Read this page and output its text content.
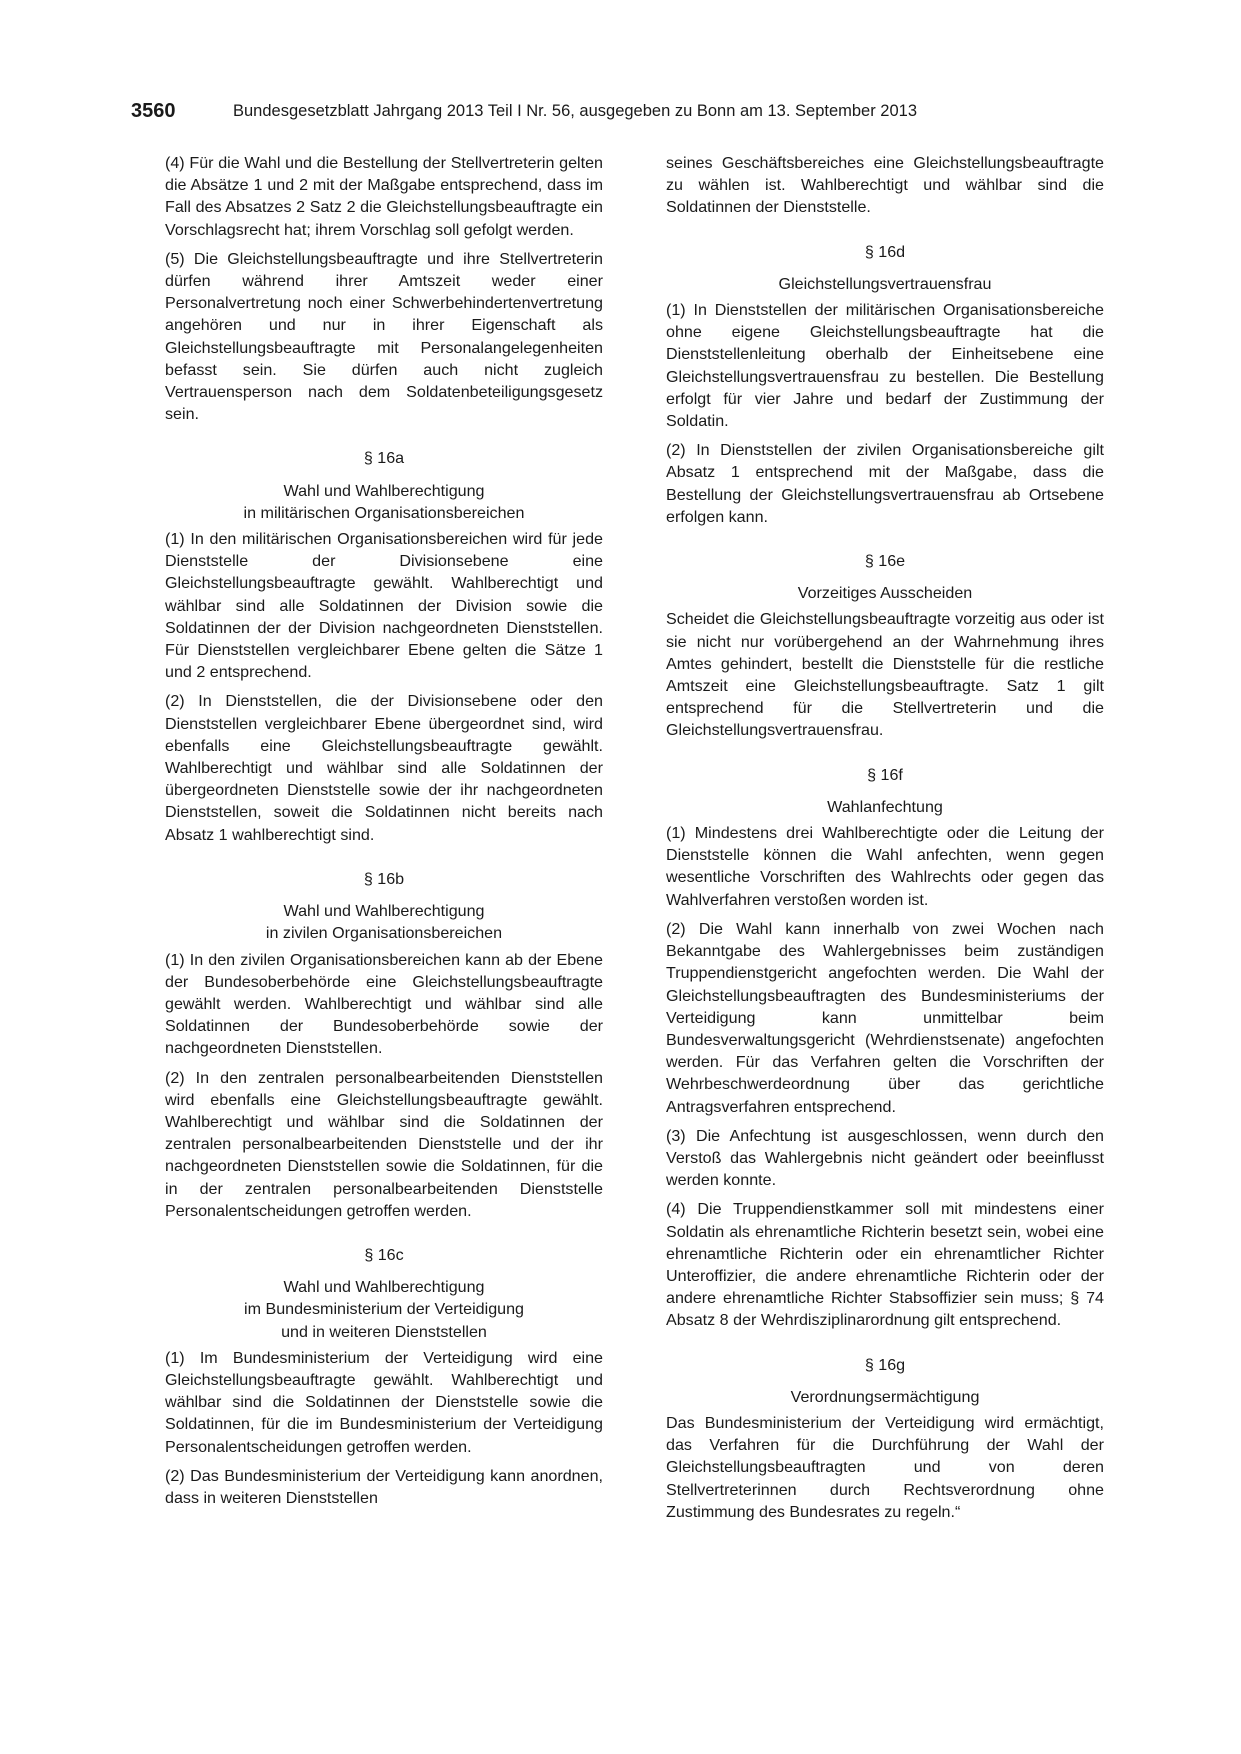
3560	Bundesgesetzblatt Jahrgang 2013 Teil I Nr. 56, ausgegeben zu Bonn am 13. September 2013

(4) Für die Wahl und die Bestellung der Stellvertreterin gelten die Absätze 1 und 2 mit der Maßgabe entsprechend, dass im Fall des Absatzes 2 Satz 2 die Gleichstellungsbeauftragte ein Vorschlagsrecht hat; ihrem Vorschlag soll gefolgt werden.

(5) Die Gleichstellungsbeauftragte und ihre Stellvertreterin dürfen während ihrer Amtszeit weder einer Personalvertretung noch einer Schwerbehindertenvertretung angehören und nur in ihrer Eigenschaft als Gleichstellungsbeauftragte mit Personalangelegenheiten befasst sein. Sie dürfen auch nicht zugleich Vertrauensperson nach dem Soldatenbeteiligungsgesetz sein.

§ 16a
Wahl und Wahlberechtigung
in militärischen Organisationsbereichen

(1) In den militärischen Organisationsbereichen wird für jede Dienststelle der Divisionsebene eine Gleichstellungsbeauftragte gewählt. Wahlberechtigt und wählbar sind alle Soldatinnen der Division sowie die Soldatinnen der der Division nachgeordneten Dienststellen. Für Dienststellen vergleichbarer Ebene gelten die Sätze 1 und 2 entsprechend.

(2) In Dienststellen, die der Divisionsebene oder den Dienststellen vergleichbarer Ebene übergeordnet sind, wird ebenfalls eine Gleichstellungsbeauftragte gewählt. Wahlberechtigt und wählbar sind alle Soldatinnen der übergeordneten Dienststelle sowie der ihr nachgeordneten Dienststellen, soweit die Soldatinnen nicht bereits nach Absatz 1 wahlberechtigt sind.

§ 16b
Wahl und Wahlberechtigung
in zivilen Organisationsbereichen

(1) In den zivilen Organisationsbereichen kann ab der Ebene der Bundesoberbehörde eine Gleichstellungsbeauftragte gewählt werden. Wahlberechtigt und wählbar sind alle Soldatinnen der Bundesoberbehörde sowie der nachgeordneten Dienststellen.

(2) In den zentralen personalbearbeitenden Dienststellen wird ebenfalls eine Gleichstellungsbeauftragte gewählt. Wahlberechtigt und wählbar sind die Soldatinnen der zentralen personalbearbeitenden Dienststelle und der ihr nachgeordneten Dienststellen sowie die Soldatinnen, für die in der zentralen personalbearbeitenden Dienststelle Personalentscheidungen getroffen werden.

§ 16c
Wahl und Wahlberechtigung
im Bundesministerium der Verteidigung
und in weiteren Dienststellen

(1) Im Bundesministerium der Verteidigung wird eine Gleichstellungsbeauftragte gewählt. Wahlberechtigt und wählbar sind die Soldatinnen der Dienststelle sowie die Soldatinnen, für die im Bundesministerium der Verteidigung Personalentscheidungen getroffen werden.

(2) Das Bundesministerium der Verteidigung kann anordnen, dass in weiteren Dienststellen

seines Geschäftsbereiches eine Gleichstellungsbeauftragte zu wählen ist. Wahlberechtigt und wählbar sind die Soldatinnen der Dienststelle.

§ 16d
Gleichstellungsvertrauensfrau

(1) In Dienststellen der militärischen Organisationsbereiche ohne eigene Gleichstellungsbeauftragte hat die Dienststellenleitung oberhalb der Einheitsebene eine Gleichstellungsvertrauensfrau zu bestellen. Die Bestellung erfolgt für vier Jahre und bedarf der Zustimmung der Soldatin.

(2) In Dienststellen der zivilen Organisationsbereiche gilt Absatz 1 entsprechend mit der Maßgabe, dass die Bestellung der Gleichstellungsvertrauensfrau ab Ortsebene erfolgen kann.

§ 16e
Vorzeitiges Ausscheiden

Scheidet die Gleichstellungsbeauftragte vorzeitig aus oder ist sie nicht nur vorübergehend an der Wahrnehmung ihres Amtes gehindert, bestellt die Dienststelle für die restliche Amtszeit eine Gleichstellungsbeauftragte. Satz 1 gilt entsprechend für die Stellvertreterin und die Gleichstellungsvertrauensfrau.

§ 16f
Wahlanfechtung

(1) Mindestens drei Wahlberechtigte oder die Leitung der Dienststelle können die Wahl anfechten, wenn gegen wesentliche Vorschriften des Wahlrechts oder gegen das Wahlverfahren verstoßen worden ist.

(2) Die Wahl kann innerhalb von zwei Wochen nach Bekanntgabe des Wahlergebnisses beim zuständigen Truppendienstgericht angefochten werden. Die Wahl der Gleichstellungsbeauftragten des Bundesministeriums der Verteidigung kann unmittelbar beim Bundesverwaltungsgericht (Wehrdienstsenate) angefochten werden. Für das Verfahren gelten die Vorschriften der Wehrbeschwerdeordnung über das gerichtliche Antragsverfahren entsprechend.

(3) Die Anfechtung ist ausgeschlossen, wenn durch den Verstoß das Wahlergebnis nicht geändert oder beeinflusst werden konnte.

(4) Die Truppendienstkammer soll mit mindestens einer Soldatin als ehrenamtliche Richterin besetzt sein, wobei eine ehrenamtliche Richterin oder ein ehrenamtlicher Richter Unteroffizier, die andere ehrenamtliche Richterin oder der andere ehrenamtliche Richter Stabsoffizier sein muss; § 74 Absatz 8 der Wehrdisziplinarordnung gilt entsprechend.

§ 16g
Verordnungsermächtigung

Das Bundesministerium der Verteidigung wird ermächtigt, das Verfahren für die Durchführung der Wahl der Gleichstellungsbeauftragten und von deren Stellvertreterinnen durch Rechtsverordnung ohne Zustimmung des Bundesrates zu regeln.“
